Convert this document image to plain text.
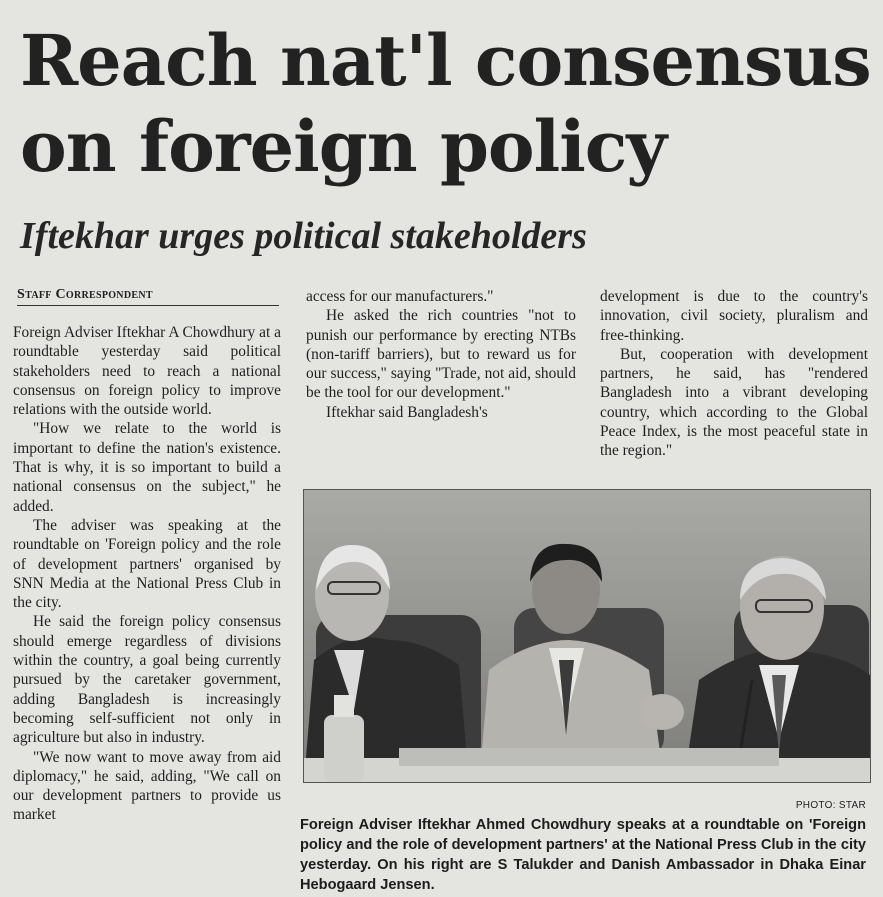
Reach nat'l consensus on foreign policy
Iftekhar urges political stakeholders
Staff Correspondent

Foreign Adviser Iftekhar A Chowdhury at a roundtable yesterday said political stakeholders need to reach a national consensus on foreign policy to improve relations with the outside world.

"How we relate to the world is important to define the nation's existence. That is why, it is so important to build a national consensus on the subject," he added.

The adviser was speaking at the roundtable on 'Foreign policy and the role of development partners' organised by SNN Media at the National Press Club in the city.

He said the foreign policy consensus should emerge regardless of divisions within the country, a goal being currently pursued by the caretaker government, adding Bangladesh is increasingly becoming self-sufficient not only in agriculture but also in industry.

"We now want to move away from aid diplomacy," he said, adding, "We call on our development partners to provide us market

access for our manufacturers."

He asked the rich countries "not to punish our performance by erecting NTBs (non-tariff barriers), but to reward us for our success," saying "Trade, not aid, should be the tool for our development."

Iftekhar said Bangladesh's

development is due to the country's innovation, civil society, pluralism and free-thinking.

But, cooperation with development partners, he said, has "rendered Bangladesh into a vibrant developing country, which according to the Global Peace Index, is the most peaceful state in the region."

PHOTO: STAR
Foreign Adviser Iftekhar Ahmed Chowdhury speaks at a roundtable on 'Foreign policy and the role of development partners' at the National Press Club in the city yesterday. On his right are S Talukder and Danish Ambassador in Dhaka Einar Hebogaard Jensen.
